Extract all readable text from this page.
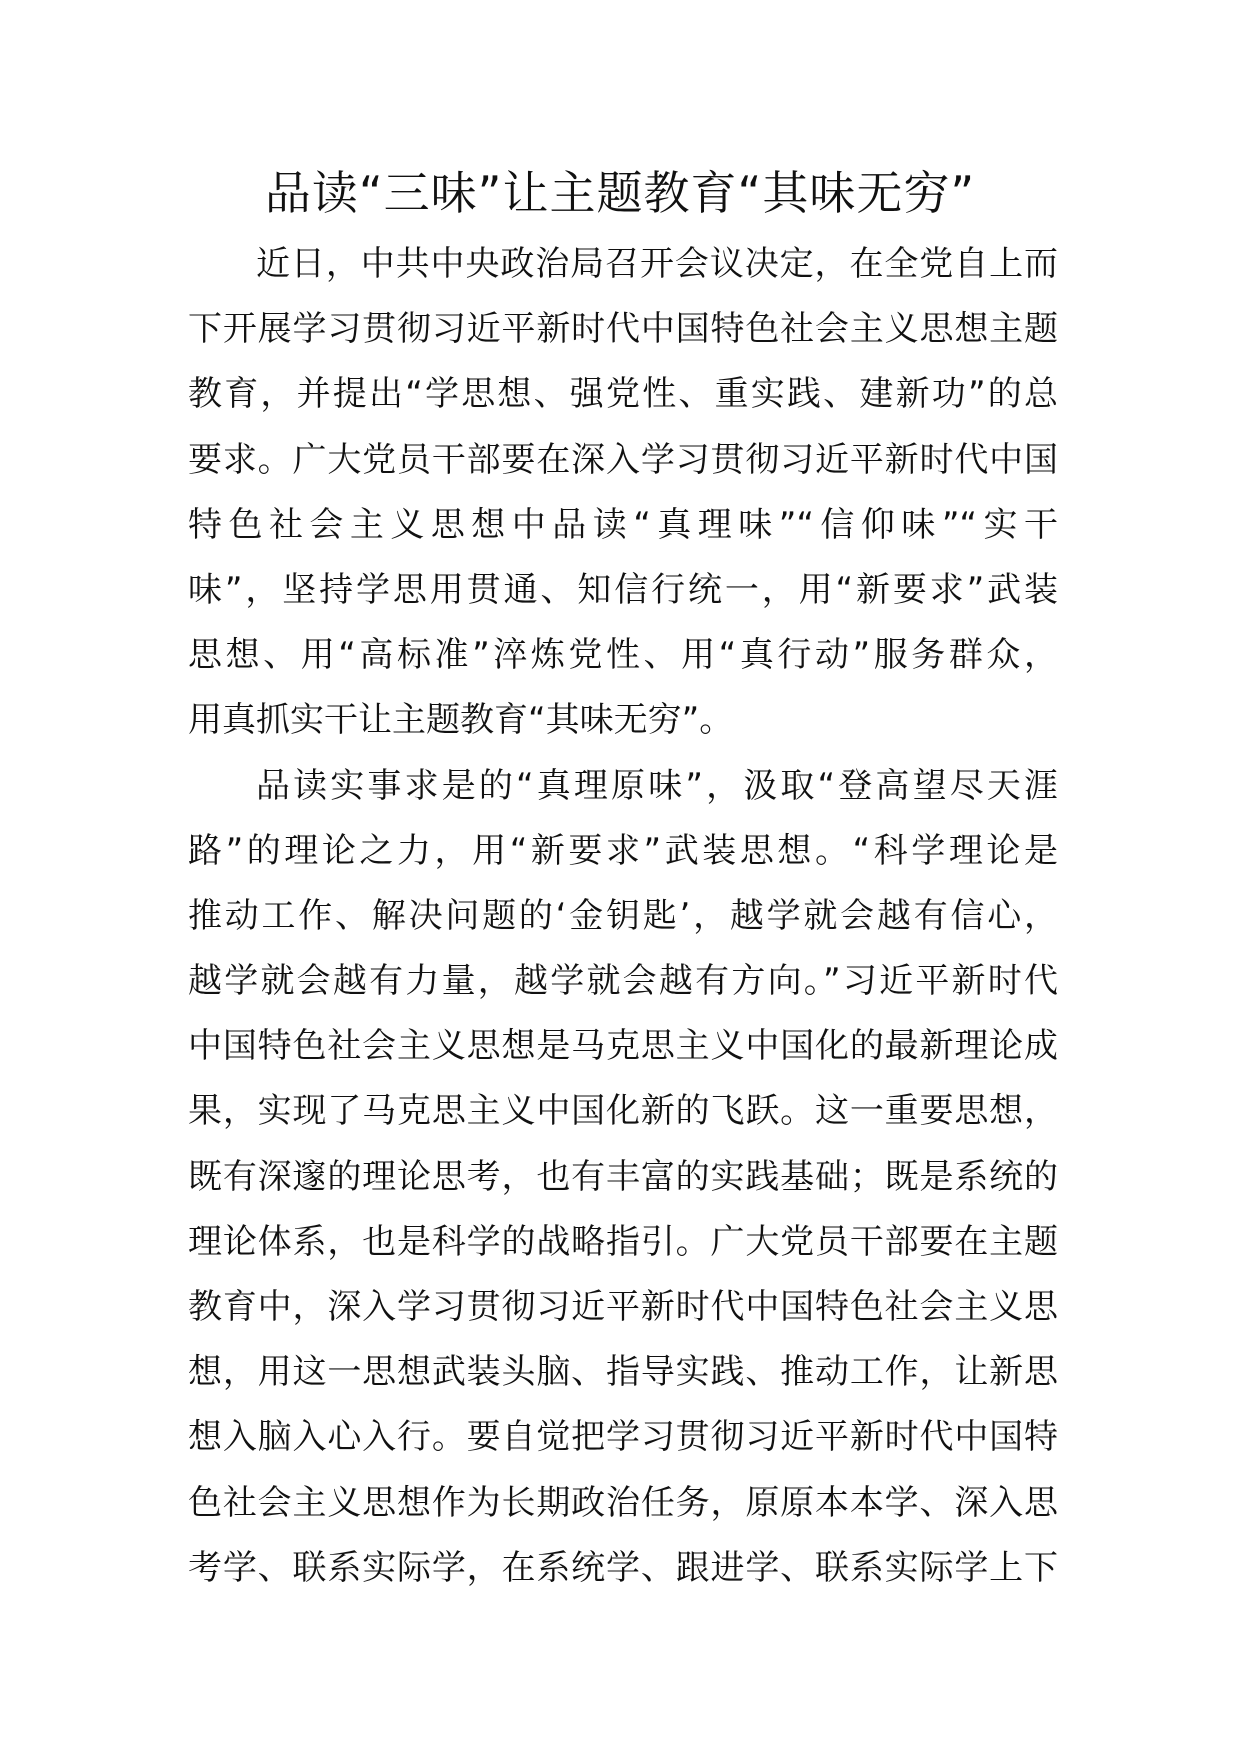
品读“三味”让主题教育“其味无穷”
近日，中共中央政治局召开会议决定，在全党自上而
下开展学习贯彻习近平新时代中国特色社会主义思想主题
教育，并提出“学思想、强党性、重实践、建新功”的总
要求。广大党员干部要在深入学习贯彻习近平新时代中国
特色社会主义思想中品读“真理味”“信仰味”“实干
味”，坚持学思用贯通、知信行统一，用“新要求”武装
思想、用“高标准”淬炼党性、用“真行动”服务群众，
用真抓实干让主题教育“其味无穷”。
品读实事求是的“真理原味”，汲取“登高望尽天涯
路”的理论之力，用“新要求”武装思想。“科学理论是
推动工作、解决问题的‘金钥匙’，越学就会越有信心，
越学就会越有力量，越学就会越有方向。”习近平新时代
中国特色社会主义思想是马克思主义中国化的最新理论成
果，实现了马克思主义中国化新的飞跃。这一重要思想，
既有深邃的理论思考，也有丰富的实践基础；既是系统的
理论体系，也是科学的战略指引。广大党员干部要在主题
教育中，深入学习贯彻习近平新时代中国特色社会主义思
想，用这一思想武装头脑、指导实践、推动工作，让新思
想入脑入心入行。要自觉把学习贯彻习近平新时代中国特
色社会主义思想作为长期政治任务，原原本本学、深入思
考学、联系实际学，在系统学、跟进学、联系实际学上下
